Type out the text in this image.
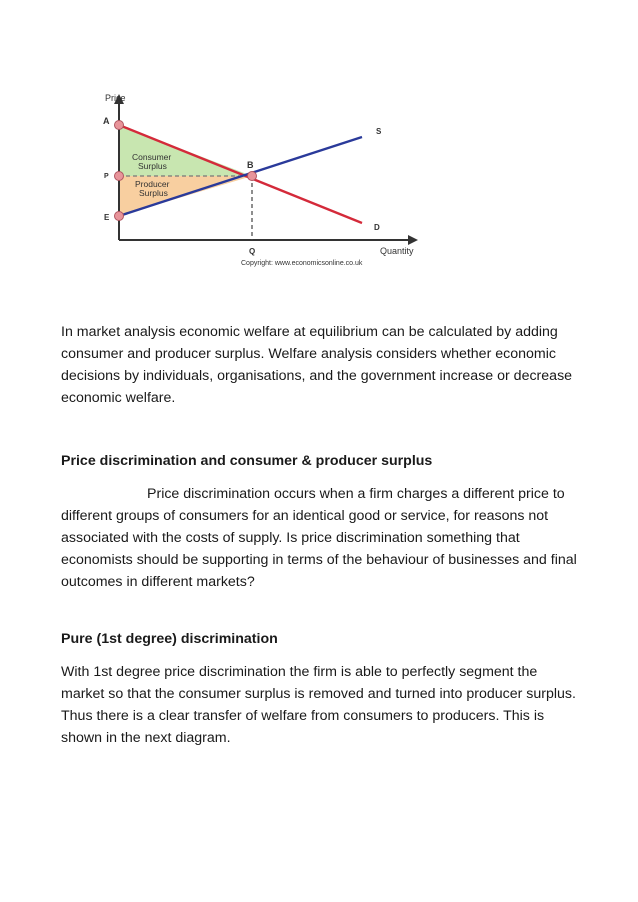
Price
Quantity
A
P
E
B
Q
S
D
Consumer
Surplus
Producer
Surplus
Copyright: www.economicsonline.co.uk

In market analysis economic welfare at equilibrium can be calculated by adding consumer and producer surplus. Welfare analysis considers whether economic decisions by individuals, organisations, and the government increase or decrease economic welfare.

Price discrimination and consumer & producer surplus

Price discrimination occurs when a firm charges a different price to different groups of consumers for an identical good or service, for reasons not associated with the costs of supply. Is price discrimination something that economists should be supporting in terms of the behaviour of businesses and final outcomes in different markets?

Pure (1st degree) discrimination

With 1st degree price discrimination the firm is able to perfectly segment the market so that the consumer surplus is removed and turned into producer surplus. Thus there is a clear transfer of welfare from consumers to producers. This is shown in the next diagram.
